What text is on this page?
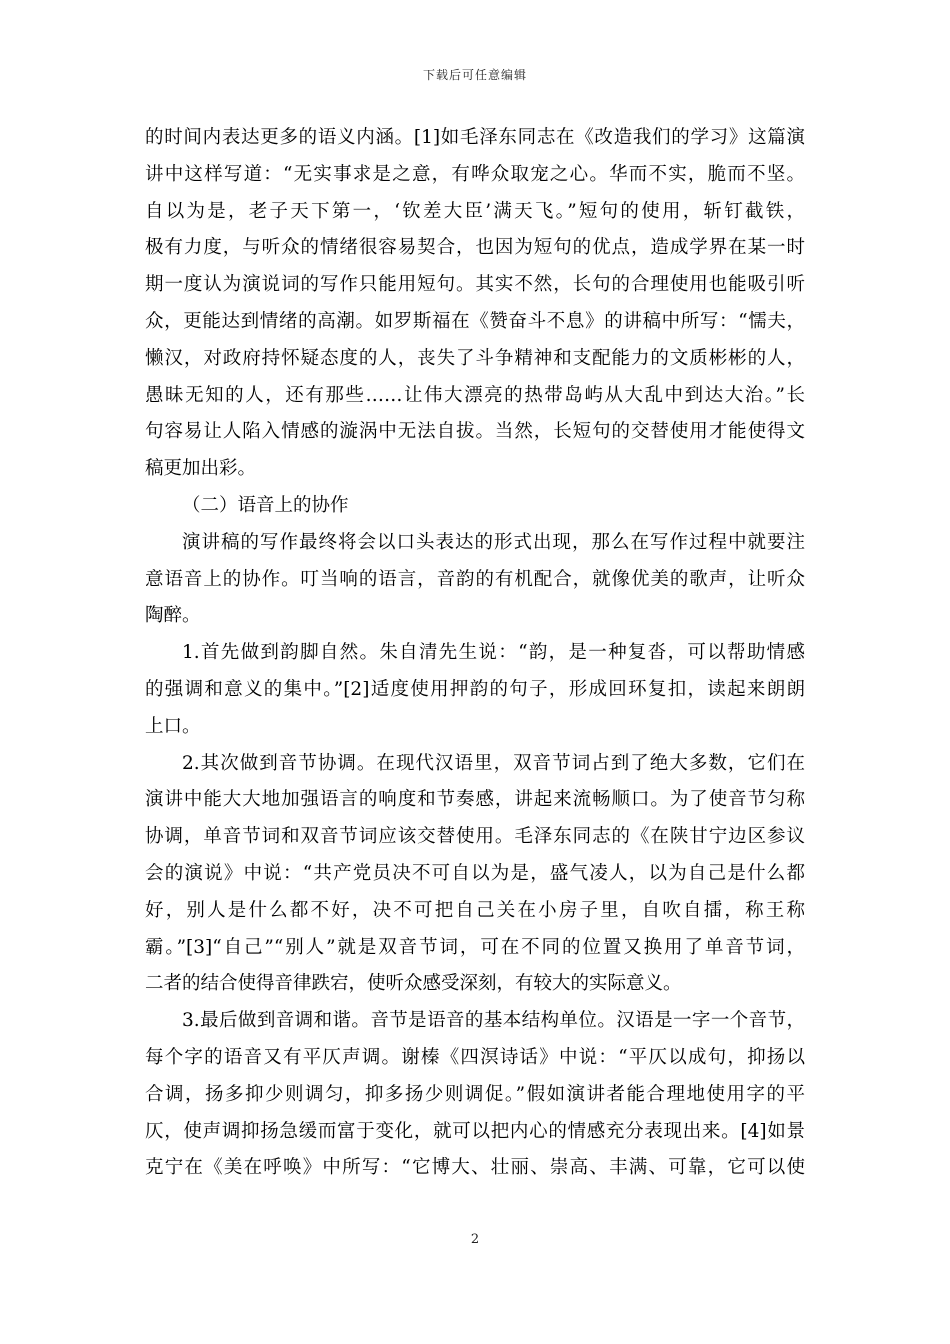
下载后可任意编辑
的时间内表达更多的语义内涵。[1]如毛泽东同志在《改造我们的学习》这篇演
讲中这样写道：“无实事求是之意，有哗众取宠之心。华而不实，脆而不坚。
自以为是，老子天下第一，‘钦差大臣’满天飞。”短句的使用，斩钉截铁，
极有力度，与听众的情绪很容易契合，也因为短句的优点，造成学界在某一时
期一度认为演说词的写作只能用短句。其实不然，长句的合理使用也能吸引听
众，更能达到情绪的高潮。如罗斯福在《赞奋斗不息》的讲稿中所写：“懦夫，
懒汉，对政府持怀疑态度的人，丧失了斗争精神和支配能力的文质彬彬的人，
愚昧无知的人，还有那些……让伟大漂亮的热带岛屿从大乱中到达大治。”长
句容易让人陷入情感的漩涡中无法自拔。当然，长短句的交替使用才能使得文
稿更加出彩。
（二）语音上的协作
演讲稿的写作最终将会以口头表达的形式出现，那么在写作过程中就要注
意语音上的协作。叮当响的语言，音韵的有机配合，就像优美的歌声，让听众
陶醉。
1.首先做到韵脚自然。朱自清先生说：“韵，是一种复沓，可以帮助情感
的强调和意义的集中。”[2]适度使用押韵的句子，形成回环复扣，读起来朗朗
上口。
2.其次做到音节协调。在现代汉语里，双音节词占到了绝大多数，它们在
演讲中能大大地加强语言的响度和节奏感，讲起来流畅顺口。为了使音节匀称
协调，单音节词和双音节词应该交替使用。毛泽东同志的《在陕甘宁边区参议
会的演说》中说：“共产党员决不可自以为是，盛气凌人，以为自己是什么都
好，别人是什么都不好，决不可把自己关在小房子里，自吹自擂，称王称
霸。”[3]“自己”“别人”就是双音节词，可在不同的位置又换用了单音节词，
二者的结合使得音律跌宕，使听众感受深刻，有较大的实际意义。
3.最后做到音调和谐。音节是语音的基本结构单位。汉语是一字一个音节，
每个字的语音又有平仄声调。谢榛《四溟诗话》中说：“平仄以成句，抑扬以
合调，扬多抑少则调匀，抑多扬少则调促。”假如演讲者能合理地使用字的平
仄，使声调抑扬急缓而富于变化，就可以把内心的情感充分表现出来。[4]如景
克宁在《美在呼唤》中所写：“它博大、壮丽、崇高、丰满、可靠，它可以使
2
